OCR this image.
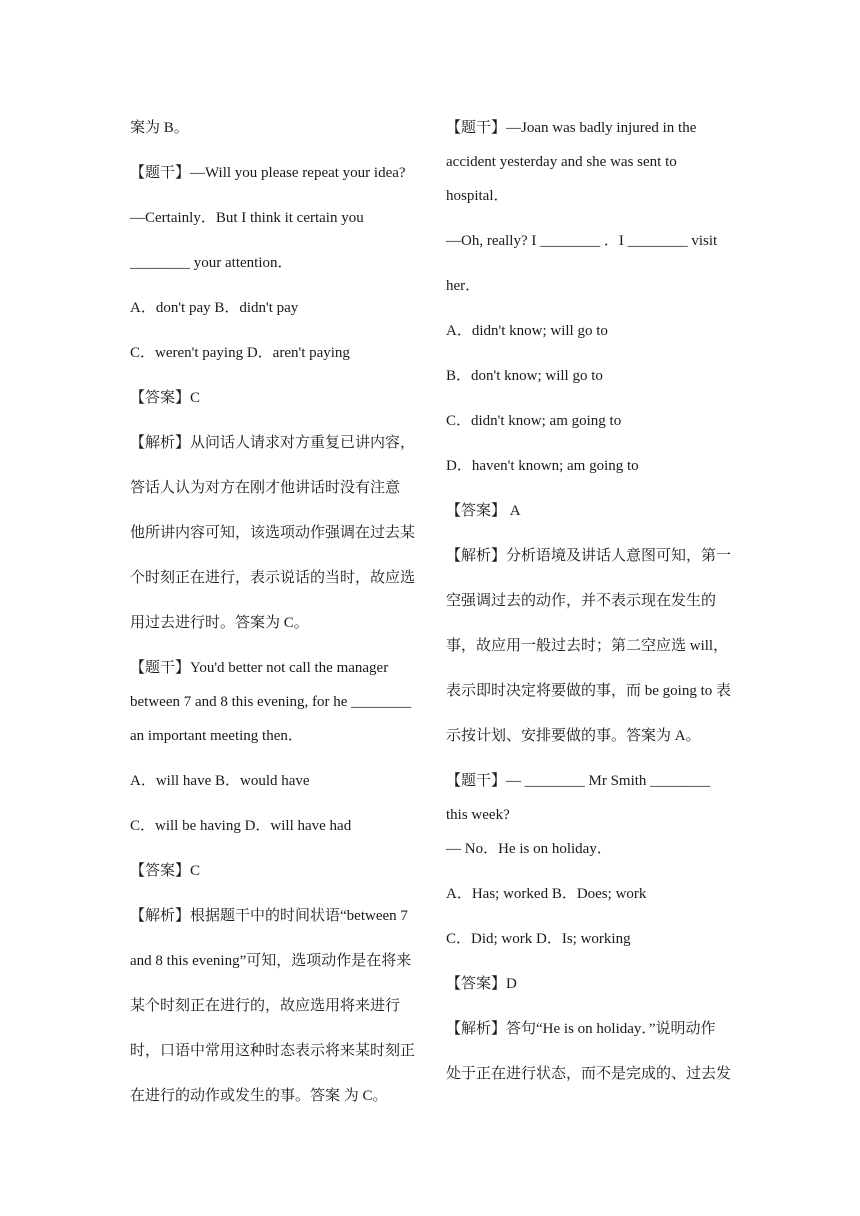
案为 B。

【题干】—Will you please repeat your idea?

—Certainly．But I think it certain you

________ your attention．

A．don't pay B．didn't pay

C．weren't paying D．aren't paying

【答案】C

【解析】从问话人请求对方重复已讲内容，

答话人认为对方在刚才他讲话时没有注意

他所讲内容可知，该选项动作强调在过去某

个时刻正在进行，表示说话的当时，故应选

用过去进行时。答案为 C。

【题干】You'd better not call the manager

between 7 and 8 this evening, for he ________

an important meeting then．

A．will have B．would have

C．will be having D．will have had

【答案】C

【解析】根据题干中的时间状语“between 7

and 8 this evening”可知，选项动作是在将来

某个时刻正在进行的，故应选用将来进行

时，口语中常用这种时态表示将来某时刻正

在进行的动作或发生的事。答案 为 C。

【题干】—Joan was badly injured in the

accident yesterday and she was sent to

hospital．

—Oh, really? I ________ ．I ________ visit

her．

A．didn't know; will go to

B．don't know; will go to

C．didn't know; am going to

D．haven't known; am going to

【答案】 A

【解析】分析语境及讲话人意图可知，第一

空强调过去的动作，并不表示现在发生的

事，故应用一般过去时；第二空应选 will，

表示即时决定将要做的事，而 be going to 表

示按计划、安排要做的事。答案为 A。

【题干】— ________ Mr Smith ________

this week?

— No．He is on holiday．

A．Has; worked B．Does; work

C．Did; work D．Is; working

【答案】D

【解析】答句“He is on holiday．”说明动作

处于正在进行状态，而不是完成的、过去发
